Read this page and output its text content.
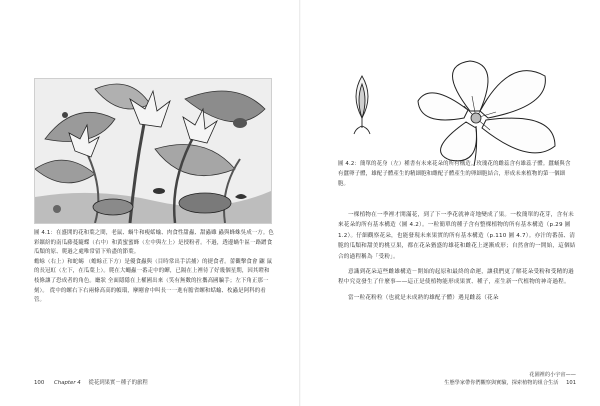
圖 4.1：在盛開的花和葉之間，老鼠、蝸牛和瘦蛞蝓、肉食性甜蟲、甜蟲雖 蟲與蜂蛛吳成一方。色彩繽紛的南瓜藤蔓隨蝶（右中）和黃蜜蜜蜂（左中與左上）是授粉者。不過，透邊蝸牛區一路蹭食瓜類的原、爬過之處唯常留下殆盡的節葉。

蟾蜍（右上）和蛇蜴 （蟾蜍正下方）是優食蟲與（目時常出手活捕）的捷食者。蕾觀擊食會 鼴 鼠的長冠虹（左下，在瓜葉上）。爬在大蠅蟲一番走中的蟬，已隔在上裡待了好幾個星期，因其瞪和枝條讓了恐成者的角色。廳狀 全面隱隱在上權國出來（笑有無數的拉攜高國騙手；左下角正那一刻）。 從中的螺右下右兩條高高的幀環，摩剛會中叫長一一進有膽省螺和蛞蝓、枚蟲是阿科的看管。

100 Chapter 4 從花到果實－種子的旅程

圖 4.2：簡單的花身（左）種書有未來花朵的所有構造。玫瑰花的雌蕊含有雄蕊子體。蠶蛹與含有蠶卵子體，雄配子體產生的精細胞和雌配子體產生的卵細胞結合，形成未來植物的第一個細胞。

一棵植物在一季裡才開滿花，到了下一季花就神奇地變成了果。一枚簡單的花芽，含有未來花朵的所有基本構造（圖 4.2）。一粒簡單的種子含有整棵植物的所有基本構造（p.29 圖 1.2）。仔細觀察花朵，也能發現未來果實的所有基本構造（p.110 圖 4.7）。亦汁的番茄、清脆的瓜類和甜美的桃豆果，都在花朵猶盛的雄花和雌花上逐漸成形；自然會的一開始，這個結合的過程稱為「受粉」。

意識到花朵這些雌雄構造－開始的起原和最終的命運，讓我們更了解花朵受粉和受精的過程中究竟發生了什麼事——這正是使植物能形成果實、種子，產生新一代植物的神奇過程。

當一粒花粉粒（也就是未成熟的雄配子體）遇見雌蕊（花朵

花園裡的小宇宙——
生態學家帶你們觀察與實驗，探索植物的組合生活 101
